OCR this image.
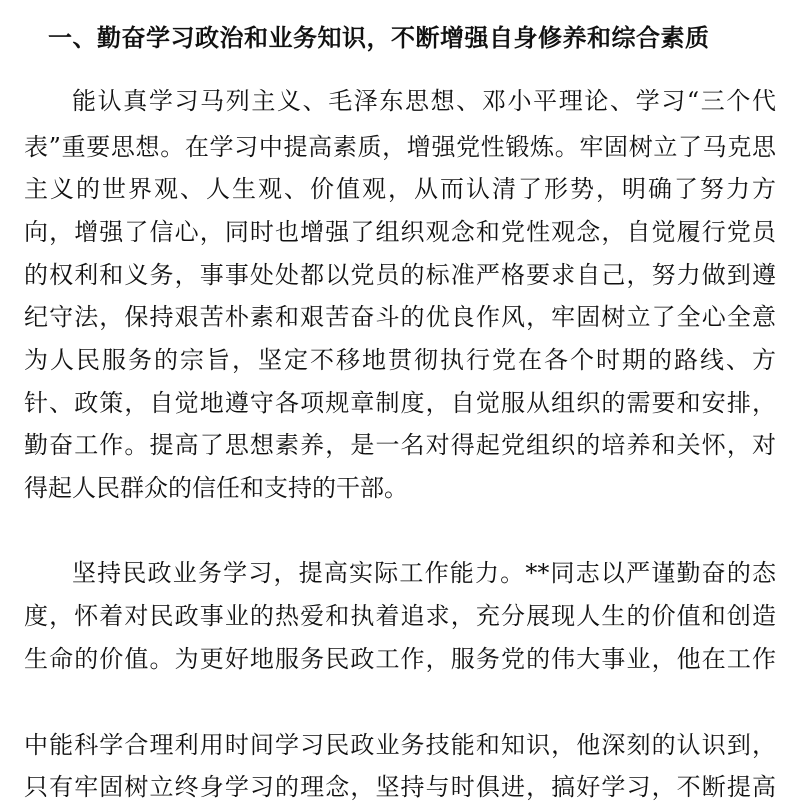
一、勤奋学习政治和业务知识，不断增强自身修养和综合素质
能认真学习马列主义、毛泽东思想、邓小平理论、学习“三个代
表”重要思想。在学习中提高素质，增强党性锻炼。牢固树立了马克思
主义的世界观、人生观、价值观，从而认清了形势，明确了努力方
向，增强了信心，同时也增强了组织观念和党性观念，自觉履行党员
的权利和义务，事事处处都以党员的标准严格要求自己，努力做到遵
纪守法，保持艰苦朴素和艰苦奋斗的优良作风，牢固树立了全心全意
为人民服务的宗旨，坚定不移地贯彻执行党在各个时期的路线、方
针、政策，自觉地遵守各项规章制度，自觉服从组织的需要和安排，
勤奋工作。提高了思想素养，是一名对得起党组织的培养和关怀，对
得起人民群众的信任和支持的干部。
坚持民政业务学习，提高实际工作能力。**同志以严谨勤奋的态
度，怀着对民政事业的热爱和执着追求，充分展现人生的价值和创造
生命的价值。为更好地服务民政工作，服务党的伟大事业，他在工作
中能科学合理利用时间学习民政业务技能和知识，他深刻的认识到，
只有牢固树立终身学习的理念，坚持与时俱进，搞好学习，不断提高
